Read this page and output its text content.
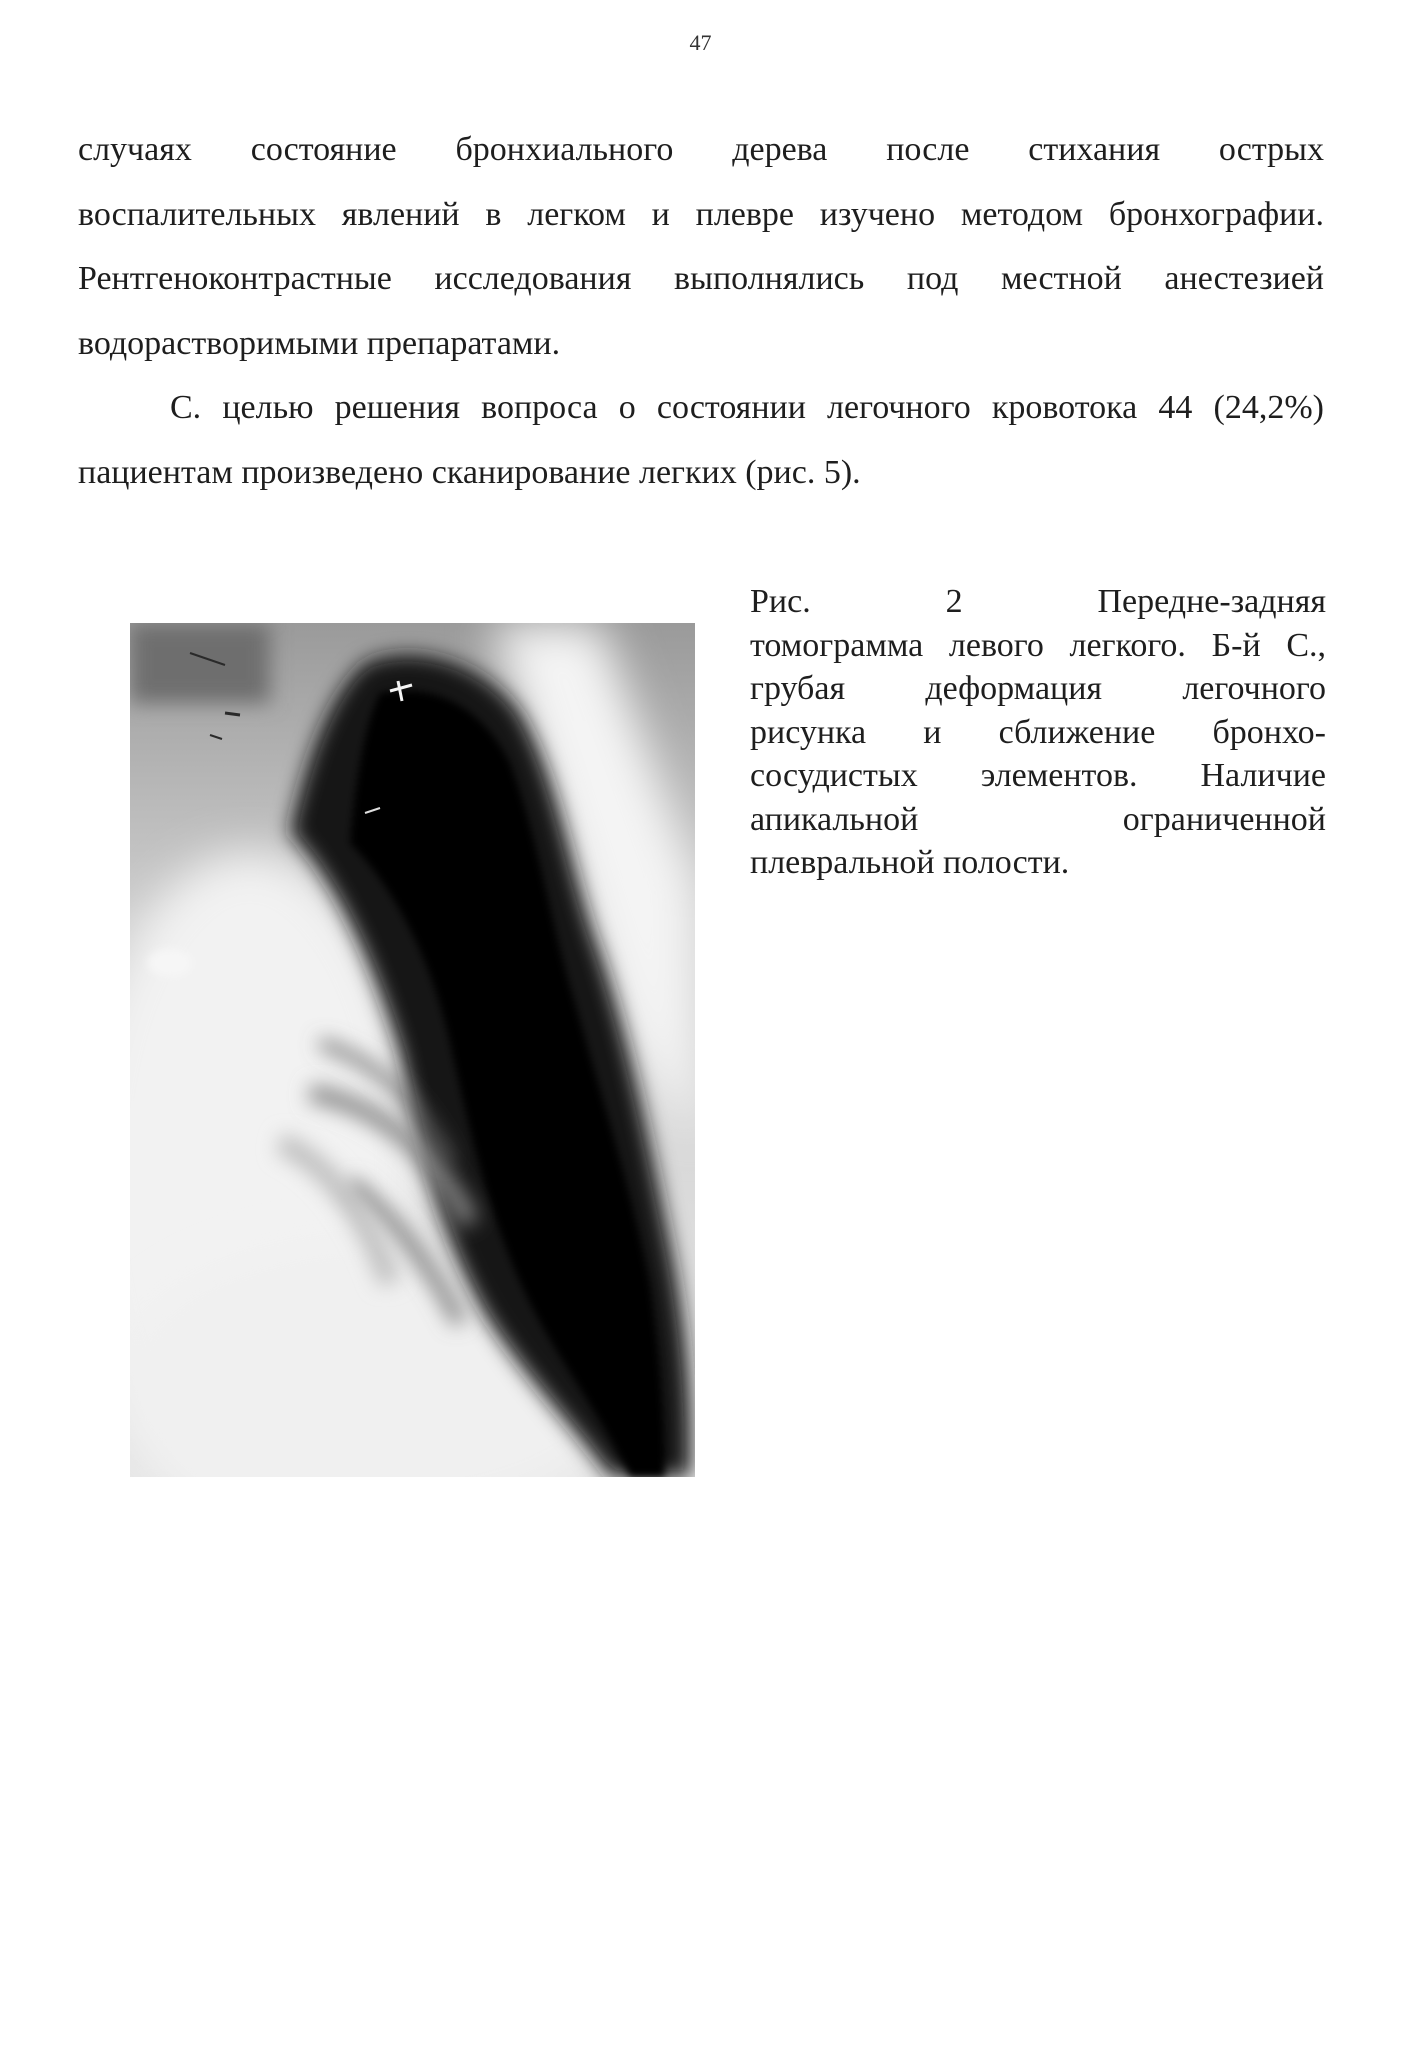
47

случаях состояние бронхиального дерева после стихания острых

воспалительных явлений в легком и плевре изучено методом бронхографии.

Рентгеноконтрастные исследования выполнялись под местной анестезией

водорастворимыми препаратами.

С. целью решения вопроса о состоянии легочного кровотока 44 (24,2%)

пациентам произведено сканирование легких (рис. 5).

Рис. 2 Передне-задняя
томограмма левого легкого. Б-й С.,
грубая деформация легочного
рисунка и сближение бронхо-
сосудистых элементов. Наличие
апикальной ограниченной
плевральной полости.
